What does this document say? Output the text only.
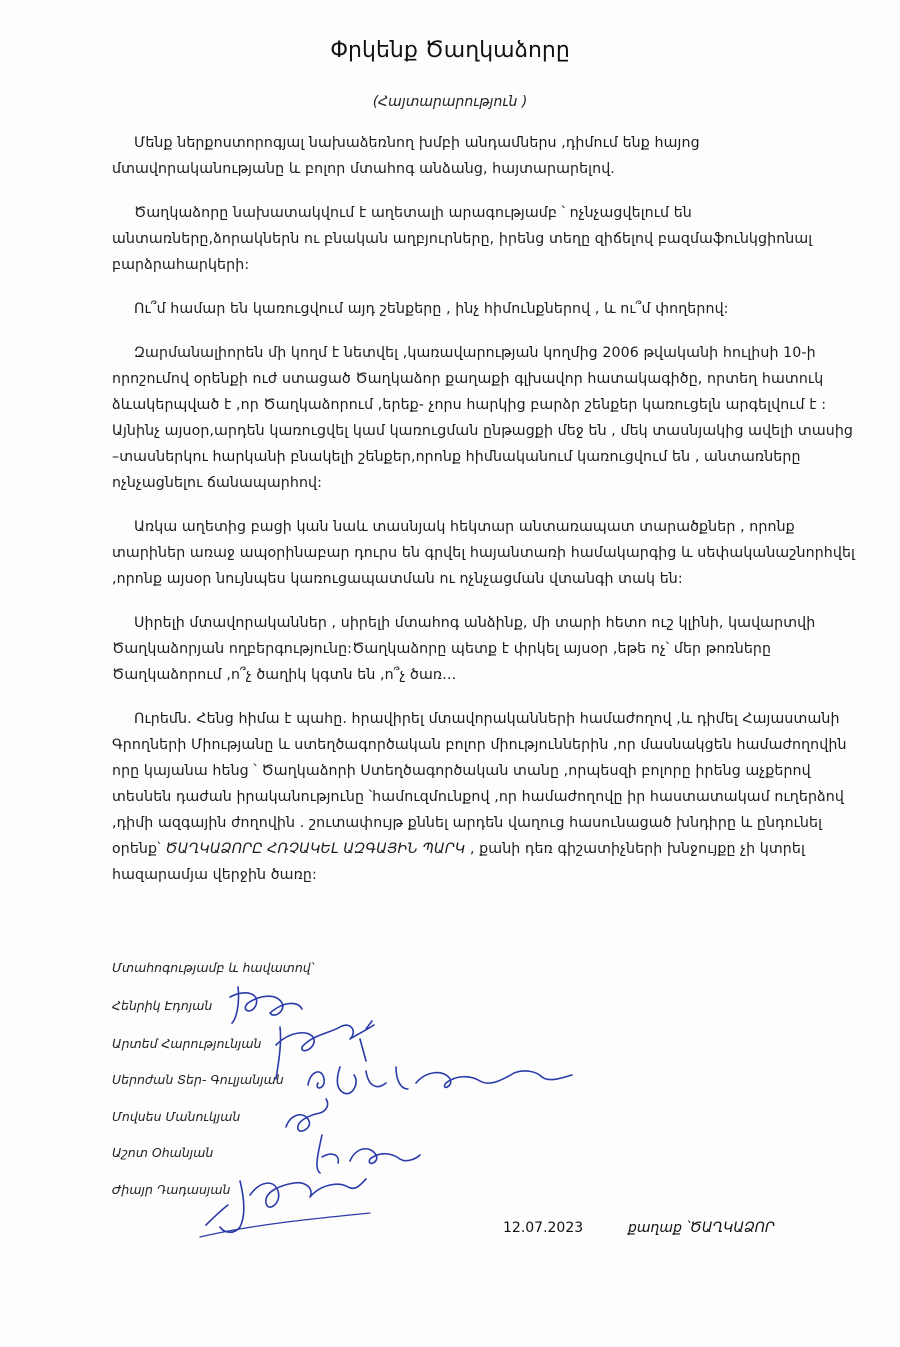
Փրկենք Ծաղկաձորը
(Հայտարարություն )

Մենք ներքոստորոգյալ նախաձեռնող խմբի անդամներս ,դիմում ենք հայոց մտավորականությանը և բոլոր մտահոգ անձանց, հայտարարելով.

Ծաղկաձորը նախատակվում է աղետալի արագությամբ ՝ ոչնչացվելում են անտառները,ձորակներն ու բնական աղբյուրները, իրենց տեղը զիճելով բազմաֆունկցիոնալ բարձրահարկերի:

Ու՞մ համար են կառուցվում այդ շենքերը , ինչ հիմունքներով , և ու՞մ փողերով:

Զարմանալիորեն մի կողմ է նետվել ,կառավարության կողմից 2006 թվականի հուլիսի 10-ի որոշումով օրենքի ուժ ստացած Ծաղկաձոր քաղաքի գլխավոր հատակագիծը, որտեղ հատուկ ձևակերպված է ,որ Ծաղկաձորում ,երեք- չորս հարկից բարձր շենքեր կառուցելն արգելվում է : Այնինչ այսօր,արդեն կառուցվել կամ կառուցման ընթացքի մեջ են , մեկ տասնյակից ավելի տասից –տասներկու հարկանի բնակելի շենքեր,որոնք հիմնականում կառուցվում են , անտառները ոչնչացնելու ճանապարհով:

Առկա աղետից բացի կան նաև տասնյակ հեկտար անտառապատ տարածքներ , որոնք տարիներ առաջ ապօրինաբար դուրս են գրվել հայանտառի համակարգից և սեփականաշնորհվել ,որոնք այսօր նույնպես կառուցապատման ու ոչնչացման վտանգի տակ են:

Սիրելի մտավորականներ , սիրելի մտահոգ անձինք, մի տարի հետո ուշ կլինի, կավարտվի Ծաղկաձորյան ողբերգությունը:Ծաղկաձորը պետք է փրկել այսօր ,եթե ոչ՝ մեր թոռները Ծաղկաձորում ,ո՞չ ծաղիկ կգտն են ,ո՞չ ծառ…

Ուրեմն. Հենց հիմա է պահը. հրավիրել մտավորականների համաժողով ,և դիմել Հայաստանի Գրողների Միությանը և ստեղծագործական բոլոր միություններին ,որ մասնակցեն համաժողովին որը կայանա հենց ՝ Ծաղկաձորի Ստեղծագործական տանը ,որպեսզի բոլորը իրենց աչքերով տեսնեն դաժան իրականությունը ՝համուզմունքով ,որ համաժողովը իր հաստատակամ ուղերձով ,դիմի ազգային ժողովին . շուտափույթ քննել արդեն վաղուց հասունացած խնդիրը և ընդունել օրենք՝ ԾԱՂԿԱՁՈՐԸ ՀՌՉԱԿԵԼ ԱԶԳԱՅԻՆ ՊԱՐԿ , քանի դեռ գիշատիչների խնջույքը չի կտրել հազարամյա վերջին ծառը:

Մտահոգությամբ և հավատով՝
Հենրիկ Էդոյան
Արտեմ Հարությունյան
Սերոժան Տեր- Գուլյանյան
Մովսես Մանուկյան
Աշոտ Օհանյան
Ժիայր Դադասյան
12.07.2023	քաղաք ՝ԾԱՂԿԱՁՈՐ
